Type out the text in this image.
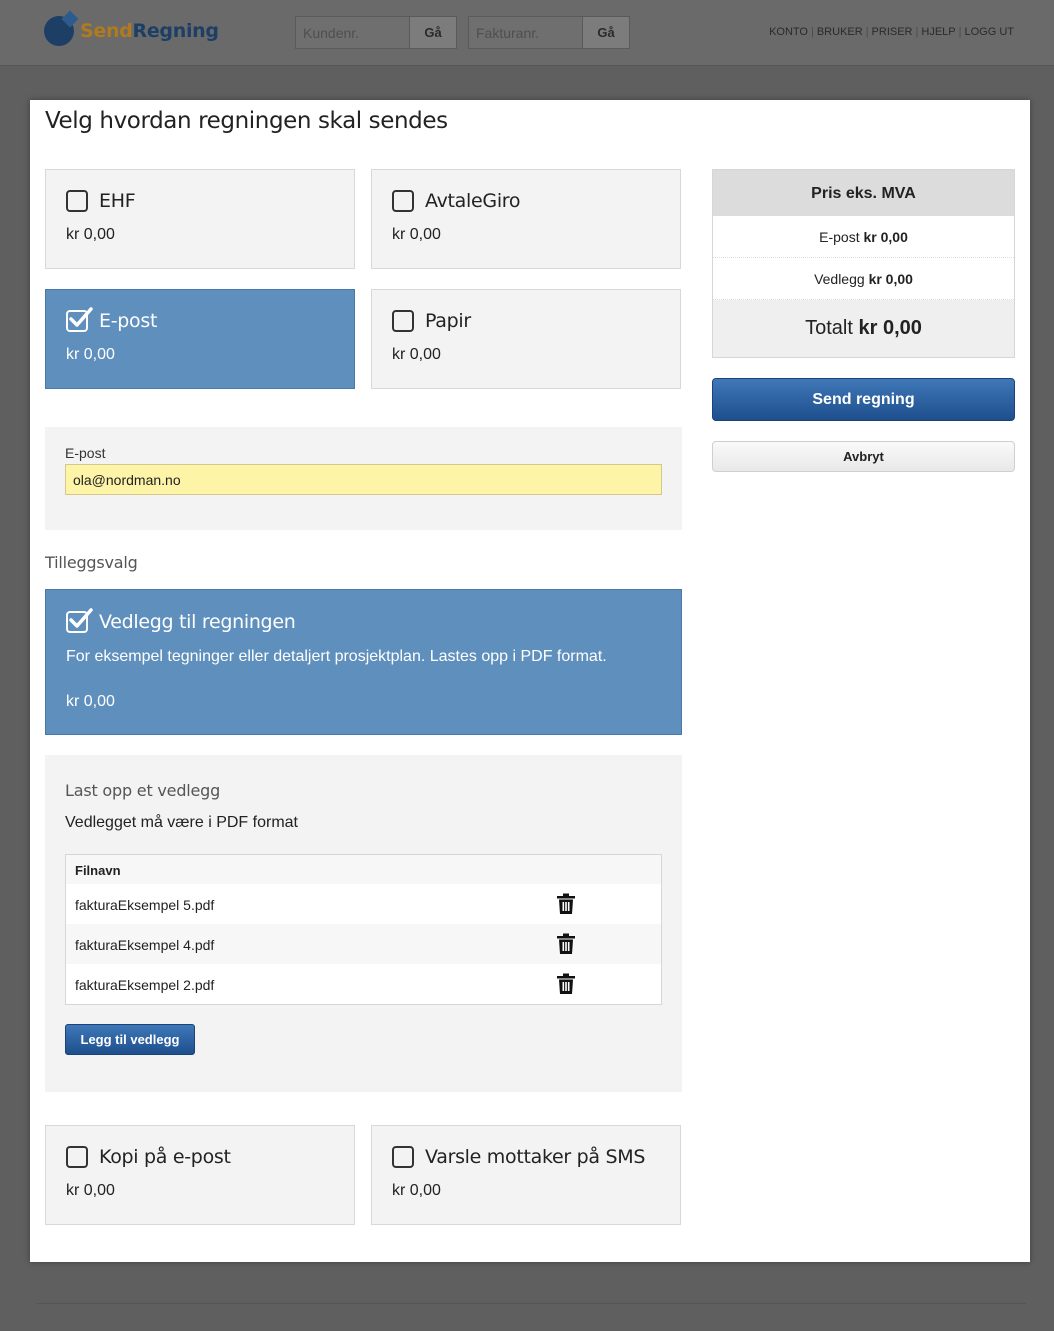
SendRegning
Kundenr.	Gå
Fakturanr.	Gå	KONTO | BRUKER | PRISER | HJELP | LOGG UT
Velg hvordan regningen skal sendes
EHF
kr 0,00
AvtaleGiro
kr 0,00
E-post
kr 0,00
Papir
kr 0,00
E-post
ola@nordman.no
Tilleggsvalg
Vedlegg til regningen
For eksempel tegninger eller detaljert prosjektplan. Lastes opp i PDF format.
kr 0,00
Last opp et vedlegg
Vedlegget må være i PDF format
Filnavn
fakturaEksempel 5.pdf
fakturaEksempel 4.pdf
fakturaEksempel 2.pdf
Legg til vedlegg
Kopi på e-post
kr 0,00
Varsle mottaker på SMS
kr 0,00
Pris eks. MVA
E-post kr 0,00
Vedlegg kr 0,00
Totalt kr 0,00
Send regning
Avbryt
